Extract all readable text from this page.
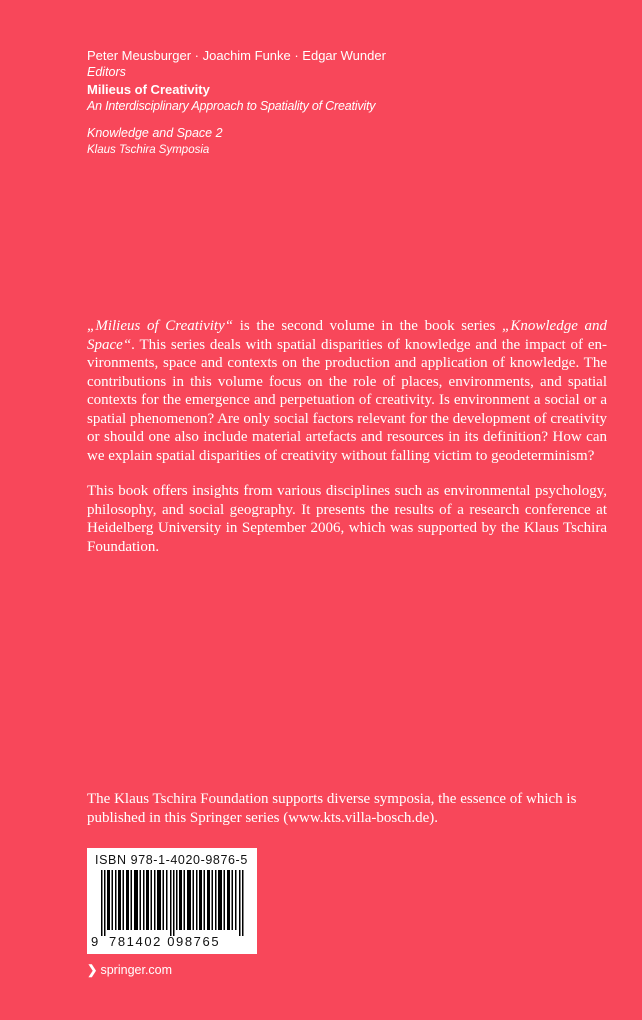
Peter Meusburger · Joachim Funke · Edgar Wunder
Editors
Milieus of Creativity
An Interdisciplinary Approach to Spatiality of Creativity
Knowledge and Space 2
Klaus Tschira Symposia

„Milieus of Creativity“ is the second volume in the book series „Knowledge and Space“. This series deals with spatial disparities of knowledge and the impact of environments, space and contexts on the production and application of knowledge. The contributions in this volume focus on the role of places, environments, and spatial contexts for the emergence and perpetuation of creativity. Is environment a social or a spatial phenomenon? Are only social factors relevant for the development of creativity or should one also include material artefacts and resources in its definition? How can we explain spatial disparities of creativity without falling victim to geodeterminism?

This book offers insights from various disciplines such as environmental psychology, philosophy, and social geography. It presents the results of a research conference at Heidelberg University in September 2006, which was supported by the Klaus Tschira Foundation.

The Klaus Tschira Foundation supports diverse symposia, the essence of which is published in this Springer series (www.kts.villa-bosch.de).
ISBN 978-1-4020-9876-5
9 781402 098765
❯ springer.com
